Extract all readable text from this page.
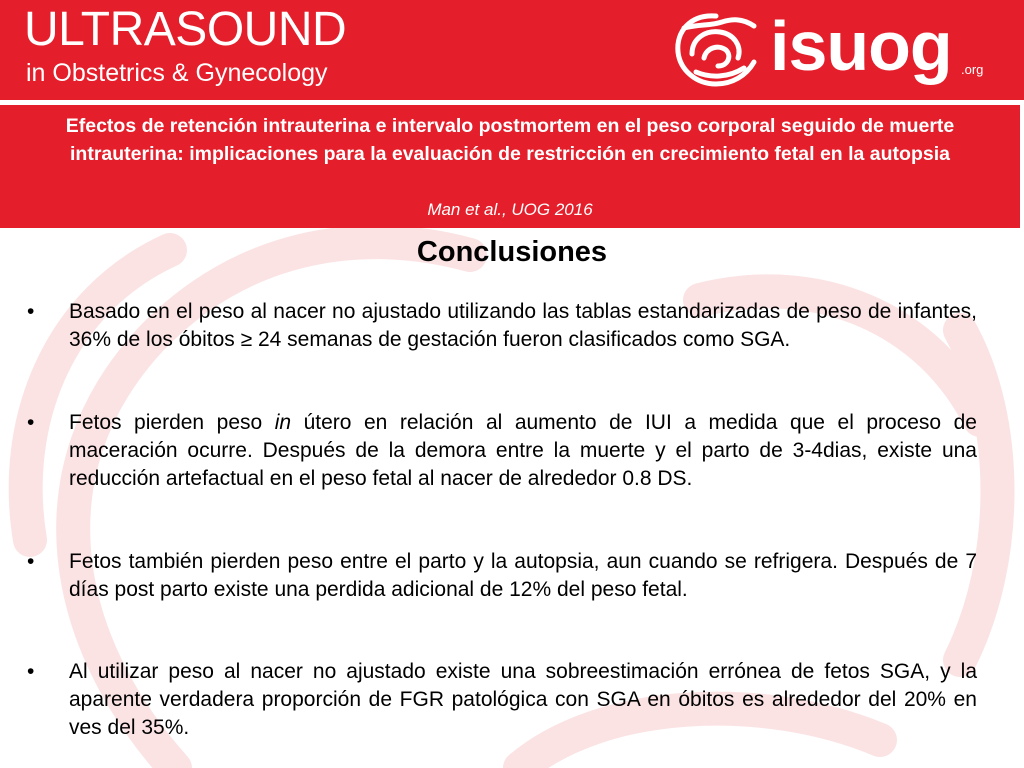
ULTRASOUND
in Obstetrics & Gynecology	isuog .org
Efectos de retención intrauterina e intervalo postmortem en el peso corporal seguido de muerte intrauterina: implicaciones para la evaluación de restricción en crecimiento fetal en la autopsia
Man et al., UOG 2016
Conclusiones
• Basado en el peso al nacer no ajustado utilizando las tablas estandarizadas de peso de infantes, 36% de los óbitos ≥ 24 semanas de gestación fueron clasificados como SGA.

• Fetos pierden peso in útero en relación al aumento de IUI a medida que el proceso de maceración ocurre. Después de la demora entre la muerte y el parto de 3-4dias, existe una reducción artefactual en el peso fetal al nacer de alrededor 0.8 DS.

• Fetos también pierden peso entre el parto y la autopsia, aun cuando se refrigera. Después de 7 días post parto existe una perdida adicional de 12% del peso fetal.

• Al utilizar peso al nacer no ajustado existe una sobreestimación errónea de fetos SGA, y la aparente verdadera proporción de FGR patológica con SGA en óbitos es alrededor del 20% en ves del 35%.
